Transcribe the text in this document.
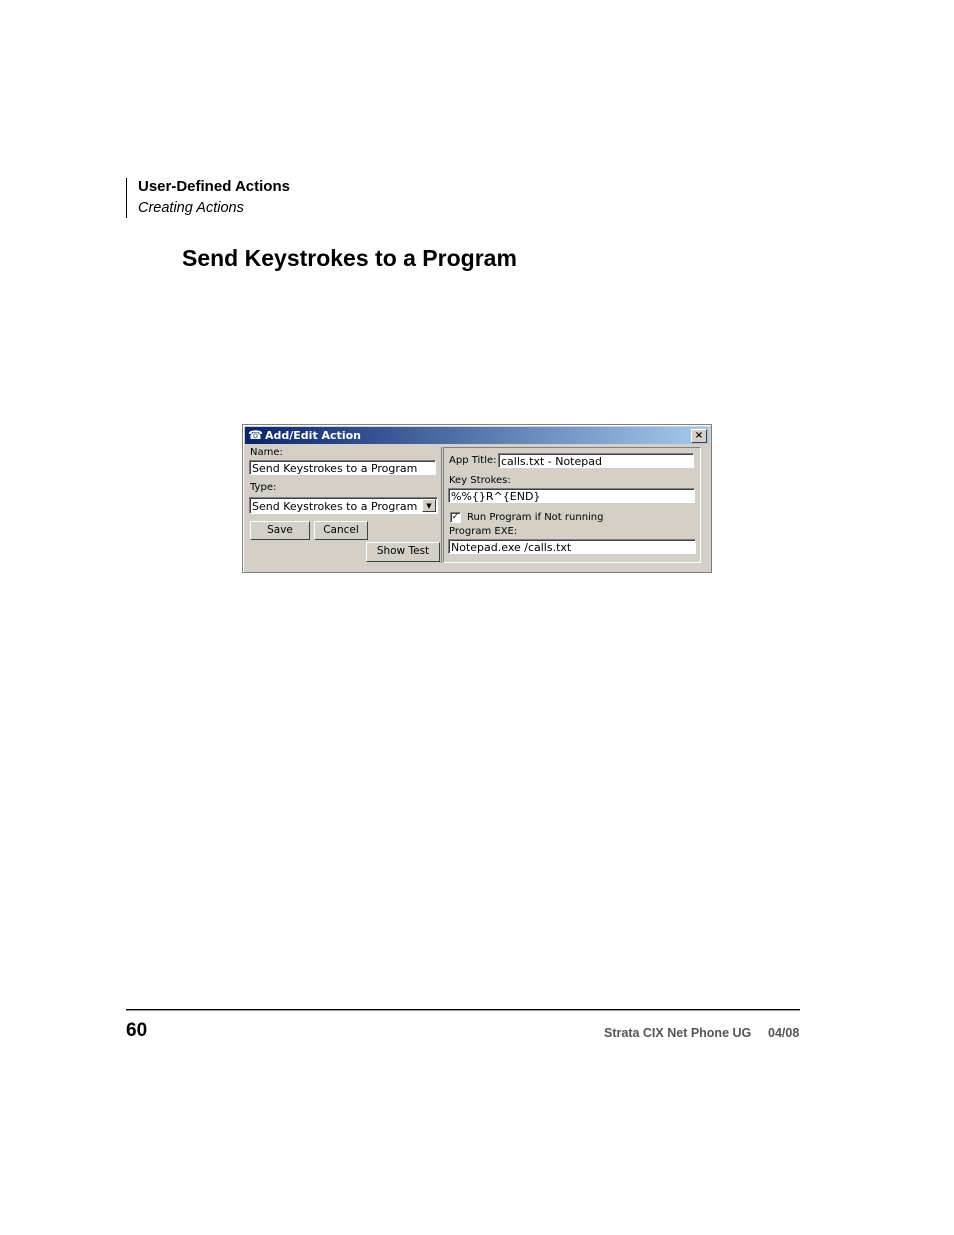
User-Defined Actions
Creating Actions
Send Keystrokes to a Program
☎ Add/Edit Action	×
Name:
Send Keystrokes to a Program
Type:
Send Keystrokes to a Program	▼
Save	Cancel
Show Test
App Title: calls.txt - Notepad
Key Strokes:
%%{}R^{END}
✓ Run Program if Not running
Program EXE:
Notepad.exe /calls.txt
60	Strata CIX Net Phone UG 04/08
